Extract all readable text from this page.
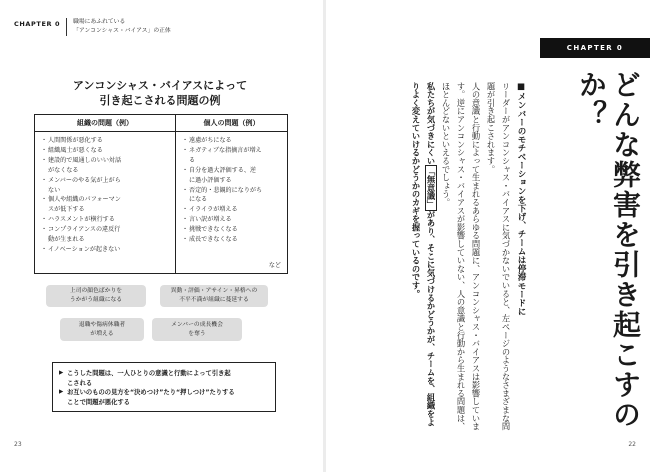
CHAPTER 0 職場にあふれている
「アンコンシャス・バイアス」の正体
アンコンシャス・バイアスによって
引き起こされる問題の例
組織の問題（例）
・ 人間関係が悪化する
・ 組織風土が悪くなる
・ 建設的で風通しのいい対話
がなくなる
・ メンバーのやる気が上がら
ない
・ 個人や組織のパフォーマン
スが低下する
・ ハラスメントが横行する
・ コンプライアンスの違反行
動が生まれる
・ イノベーションが起きない
個人の問題（例）
・ 遠慮がちになる
・ ネガティブな指摘言が増え
る
・ 自分を過大評価する、逆
に過小評価する
・ 否定的・悲観的になりがち
になる
・ イライラが増える
・ 言い訳が増える
・ 挑戦できなくなる
・ 成長できなくなる
など
上司の顔色ばかりを
うかがう組織になる
異動・評価・アサイン・昇格への
不平不満が組織に蔓延する
退職や傷病休職者
が増える
メンバーの成長機会
を奪う
▶ こうした問題は、一人ひとりの意識と行動によって引き起
こされる
▶ お互いのものの見方を“決めつけ”たり“押しつけ”たりする
ことで問題が悪化する
23
CHAPTER 0
どんな弊害を引き起こすのか？
■メンバーのモチベーションを下げ、チームは停滞モードに
リーダーがアンコンシャス・バイアスに気づかないでいると、左ページのようなさまざまな問題が引き起こされます。
人の意識と行動によって生まれるあらゆる問題に、アンコンシャス・バイアスは影響しています。逆にアンコンシャス・バイアスが影響していない、人の意識と行動から生まれる問題は、ほとんどないといえるでしょう。
私たちが気づきにくい「無意識」があり、そこに気づけるかどうかが、チームを、組織をよりよく変えていけるかどうかのカギを握っているのです。
22
